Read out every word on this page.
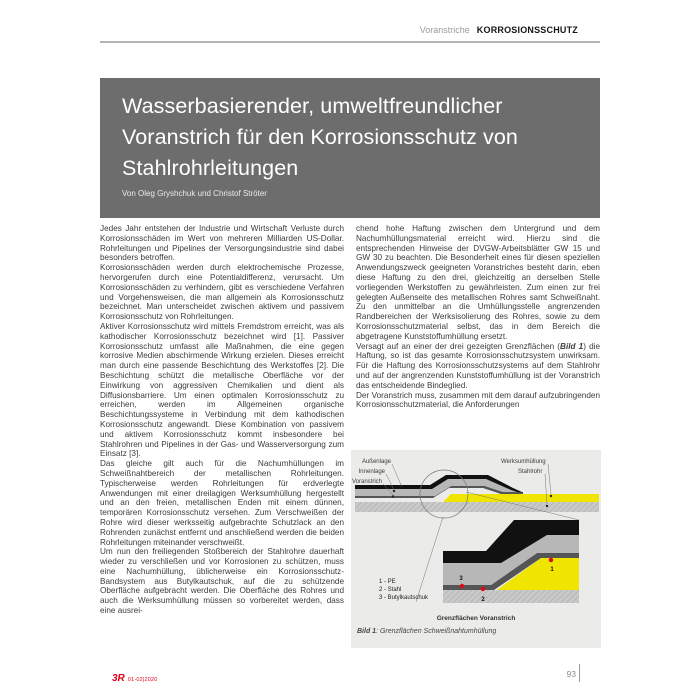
Voranstriche KORROSIONSSCHUTZ
Wasserbasierender, umweltfreundlicher Voranstrich für den Korrosionsschutz von Stahlrohrleitungen
Von Oleg Gryshchuk und Christof Ströter

Jedes Jahr entstehen der Industrie und Wirtschaft Verluste durch Korrosionsschäden im Wert von mehreren Milliarden US-Dollar. Rohrleitungen und Pipelines der Versorgungsindustrie sind dabei besonders betroffen.

Korrosionsschäden werden durch elektrochemische Prozesse, hervorgerufen durch eine Potentialdifferenz, verursacht. Um Korrosionsschäden zu verhindern, gibt es verschiedene Verfahren und Vorgehensweisen, die man allgemein als Korrosionsschutz bezeichnet. Man unterscheidet zwischen aktivem und passivem Korrosionsschutz von Rohrleitungen.

Aktiver Korrosionsschutz wird mittels Fremdstrom erreicht, was als kathodischer Korrosionsschutz bezeichnet wird [1]. Passiver Korrosionsschutz umfasst alle Maßnahmen, die eine gegen korrosive Medien abschirmende Wirkung erzielen. Dieses erreicht man durch eine passende Beschichtung des Werkstoffes [2]. Die Beschichtung schützt die metallische Oberfläche vor der Einwirkung von aggressiven Chemikalien und dient als Diffusionsbarriere. Um einen optimalen Korrosionsschutz zu erreichen, werden im Allgemeinen organische Beschichtungssysteme in Verbindung mit dem kathodischen Korrosionsschutz angewandt. Diese Kombination von passivem und aktivem Korrosionsschutz kommt insbesondere bei Stahlrohren und Pipelines in der Gas- und Wasserversorgung zum Einsatz [3].

Das gleiche gilt auch für die Nachumhüllungen im Schweißnahtbereich der metallischen Rohrleitungen. Typischerweise werden Rohrleitungen für erdverlegte Anwendungen mit einer dreilagigen Werksumhüllung hergestellt und an den freien, metallischen Enden mit einem dünnen, temporären Korrosionsschutz versehen. Zum Verschweißen der Rohre wird dieser werksseitig aufgebrachte Schutzlack an den Rohrenden zunächst entfernt und anschließend werden die beiden Rohrleitungen miteinander verschweißt.

Um nun den freiliegenden Stoßbereich der Stahlrohre dauerhaft wieder zu verschließen und vor Korrosionen zu schützen, muss eine Nachumhüllung, üblicherweise ein Korrosionsschutz-Bandsystem aus Butylkautschuk, auf die zu schützende Oberfläche aufgebracht werden. Die Oberfläche des Rohres und auch die Werksumhüllung müssen so vorbereitet werden, dass eine ausrei-

chend hohe Haftung zwischen dem Untergrund und dem Nachumhüllungsmaterial erreicht wird. Hierzu sind die entsprechenden Hinweise der DVGW-Arbeitsblätter GW 15 und GW 30 zu beachten. Die Besonderheit eines für diesen speziellen Anwendungszweck geeigneten Voranstriches besteht darin, eben diese Haftung zu den drei, gleichzeitig an derselben Stelle vorliegenden Werkstoffen zu gewährleisten. Zum einen zur frei gelegten Außenseite des metallischen Rohres samt Schweißnaht. Zu den unmittelbar an die Umhüllungsstelle angrenzenden Randbereichen der Werksisolierung des Rohres, sowie zu dem Korrosionsschutzmaterial selbst, das in dem Bereich die abgetragene Kunststoffumhüllung ersetzt.

Versagt auf an einer der drei gezeigten Grenzflächen (Bild 1) die Haftung, so ist das gesamte Korrosionsschutzsystem unwirksam. Für die Haftung des Korrosionsschutzsystems auf dem Stahlrohr und auf der angrenzenden Kunststoffumhüllung ist der Voranstrich das entscheidende Bindeglied.

Der Voranstrich muss, zusammen mit dem darauf aufzubringenden Korrosionsschutzmaterial, die Anforderungen

Außenlage
Innenlage
Voranstrich
Werksumhüllung
Stahlrohr
1
2
3
1 - PE
2 - Stahl
3 - Butylkautschuk
Grenzflächen Voranstrich
Bild 1: Grenzflächen Schweißnahtumhüllung
3R 01-02|2020
93
